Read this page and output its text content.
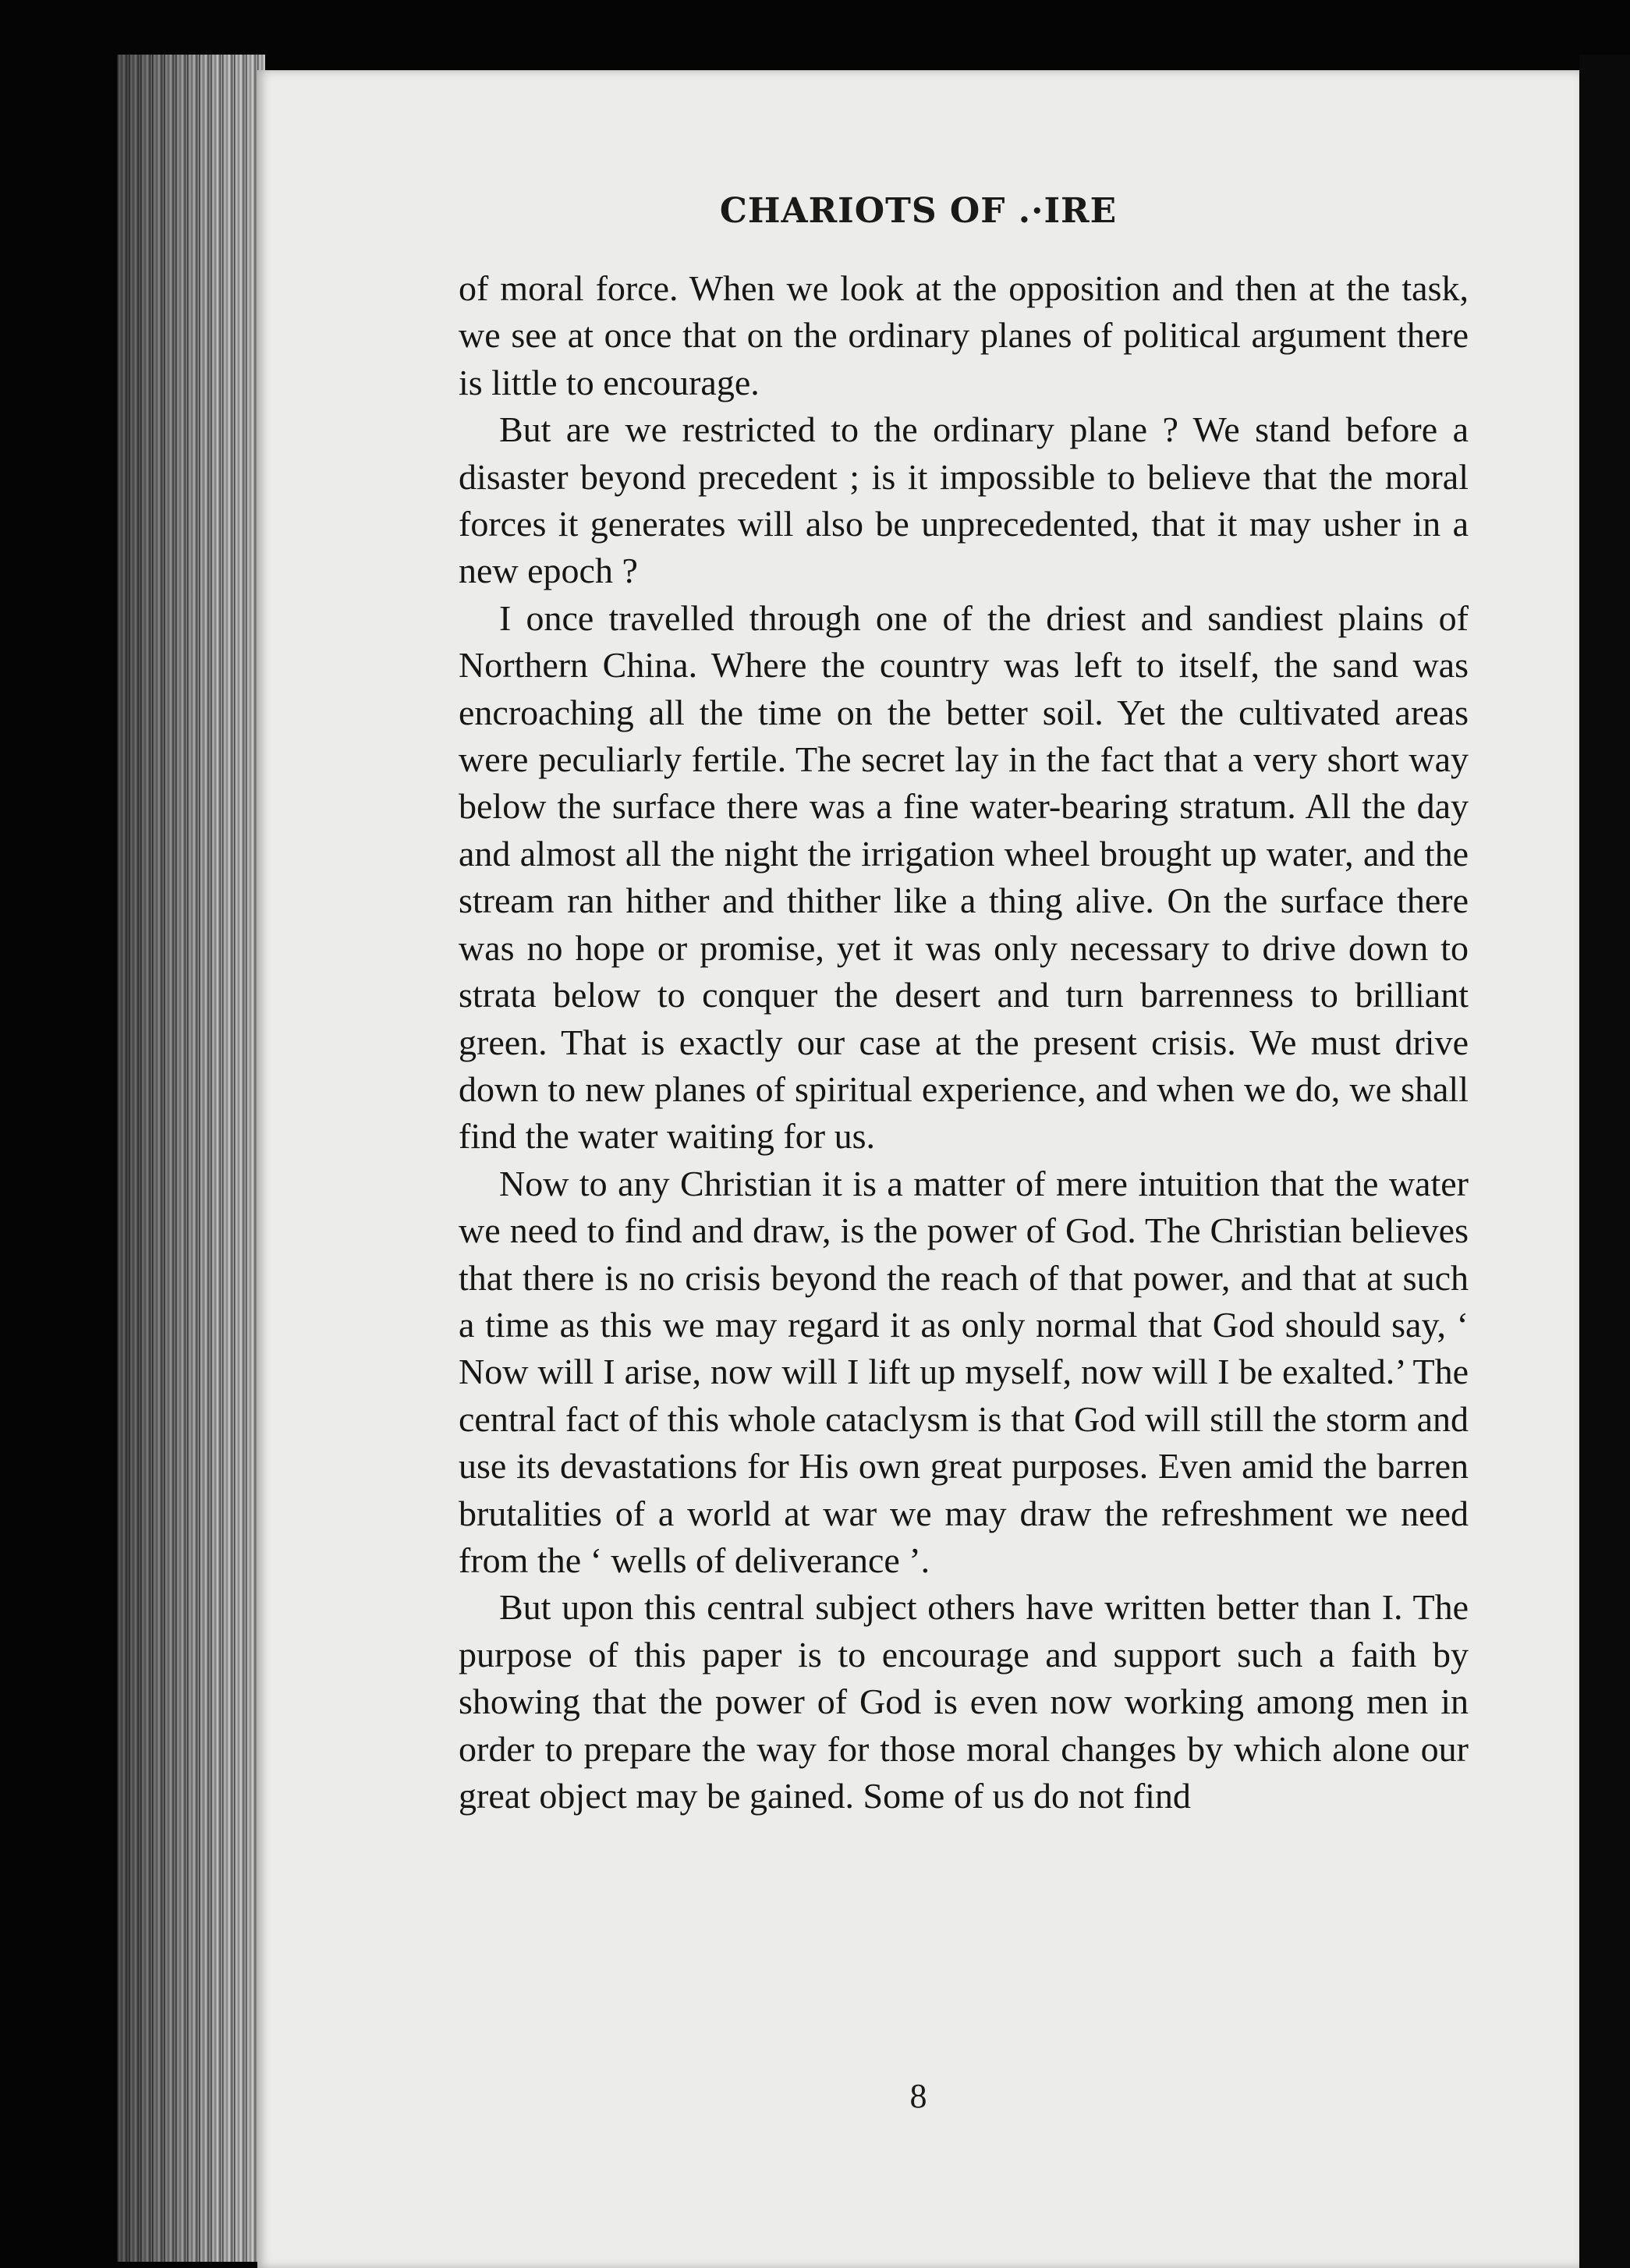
CHARIOTS OF .·IRE

of moral force. When we look at the opposition and then at the task, we see at once that on the ordinary planes of political argument there is little to encourage.

But are we restricted to the ordinary plane ? We stand before a disaster beyond precedent ; is it impossible to believe that the moral forces it generates will also be unprecedented, that it may usher in a new epoch ?

I once travelled through one of the driest and sandiest plains of Northern China. Where the country was left to itself, the sand was encroaching all the time on the better soil. Yet the cultivated areas were peculiarly fertile. The secret lay in the fact that a very short way below the surface there was a fine water-bearing stratum. All the day and almost all the night the irrigation wheel brought up water, and the stream ran hither and thither like a thing alive. On the surface there was no hope or promise, yet it was only necessary to drive down to strata below to conquer the desert and turn barrenness to brilliant green. That is exactly our case at the present crisis. We must drive down to new planes of spiritual experience, and when we do, we shall find the water waiting for us.

Now to any Christian it is a matter of mere intuition that the water we need to find and draw, is the power of God. The Christian believes that there is no crisis beyond the reach of that power, and that at such a time as this we may regard it as only normal that God should say, ‘ Now will I arise, now will I lift up myself, now will I be exalted.’ The central fact of this whole cataclysm is that God will still the storm and use its devastations for His own great purposes. Even amid the barren brutalities of a world at war we may draw the refreshment we need from the ‘ wells of deliverance ’.

But upon this central subject others have written better than I. The purpose of this paper is to encourage and support such a faith by showing that the power of God is even now working among men in order to prepare the way for those moral changes by which alone our great object may be gained. Some of us do not find

8
